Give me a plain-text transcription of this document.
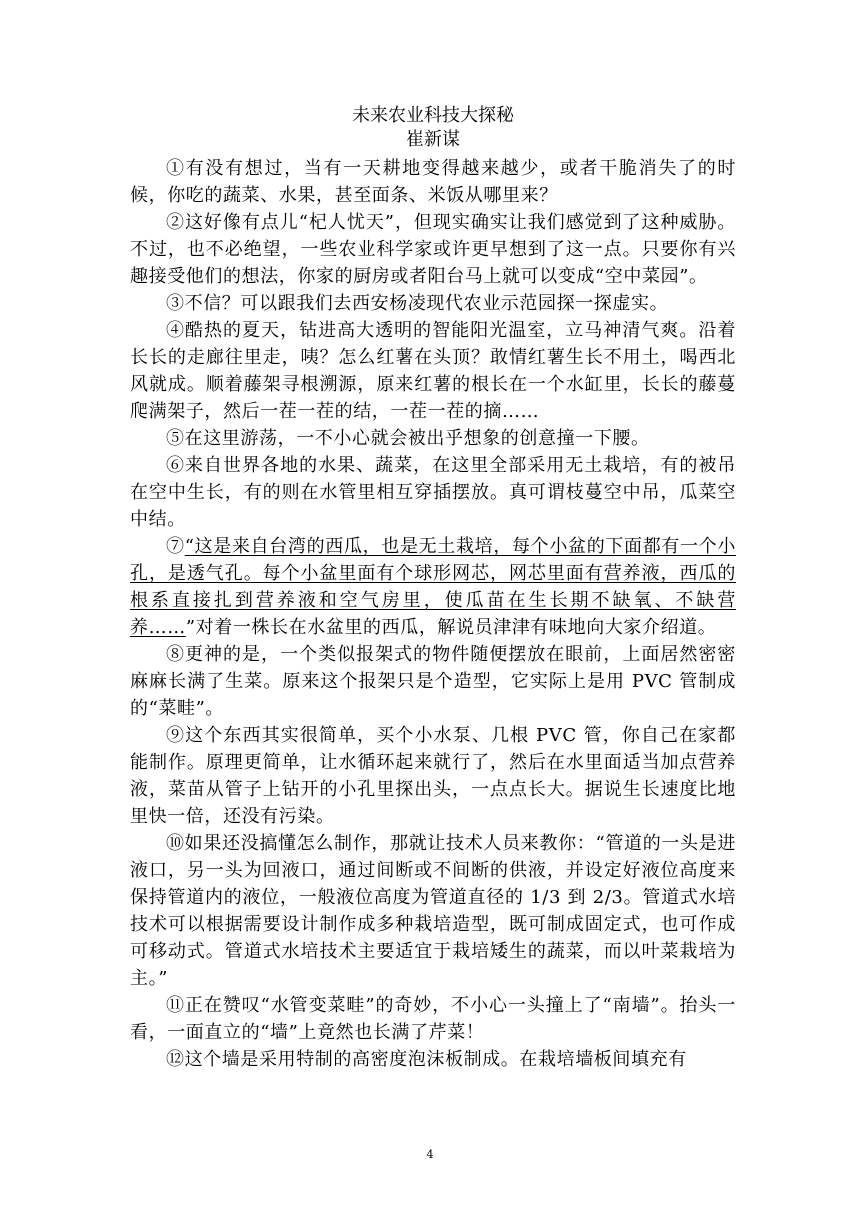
未来农业科技大探秘

崔新谋

①有没有想过，当有一天耕地变得越来越少，或者干脆消失了的时候，你吃的蔬菜、水果，甚至面条、米饭从哪里来？

②这好像有点儿“杞人忧天”，但现实确实让我们感觉到了这种威胁。不过，也不必绝望，一些农业科学家或许更早想到了这一点。只要你有兴趣接受他们的想法，你家的厨房或者阳台马上就可以变成“空中菜园”。

③不信？可以跟我们去西安杨凌现代农业示范园探一探虚实。

④酷热的夏天，钻进高大透明的智能阳光温室，立马神清气爽。沿着长长的走廊往里走，咦？怎么红薯在头顶？敢情红薯生长不用土，喝西北风就成。顺着藤架寻根溯源，原来红薯的根长在一个水缸里，长长的藤蔓爬满架子，然后一茬一茬的结，一茬一茬的摘……

⑤在这里游荡，一不小心就会被出乎想象的创意撞一下腰。

⑥来自世界各地的水果、蔬菜，在这里全部采用无土栽培，有的被吊在空中生长，有的则在水管里相互穿插摆放。真可谓枝蔓空中吊，瓜菜空中结。

⑦“这是来自台湾的西瓜，也是无土栽培，每个小盆的下面都有一个小孔，是透气孔。每个小盆里面有个球形网芯，网芯里面有营养液，西瓜的根系直接扎到营养液和空气房里，使瓜苗在生长期不缺氧、不缺营养……”对着一株长在水盆里的西瓜，解说员津津有味地向大家介绍道。

⑧更神的是，一个类似报架式的物件随便摆放在眼前，上面居然密密麻麻长满了生菜。原来这个报架只是个造型，它实际上是用 PVC 管制成的“菜畦”。

⑨这个东西其实很简单，买个小水泵、几根 PVC 管，你自己在家都能制作。原理更简单，让水循环起来就行了，然后在水里面适当加点营养液，菜苗从管子上钻开的小孔里探出头，一点点长大。据说生长速度比地里快一倍，还没有污染。

⑩如果还没搞懂怎么制作，那就让技术人员来教你：“管道的一头是进液口，另一头为回液口，通过间断或不间断的供液，并设定好液位高度来保持管道内的液位，一般液位高度为管道直径的 1/3 到 2/3。管道式水培技术可以根据需要设计制作成多种栽培造型，既可制成固定式，也可作成可移动式。管道式水培技术主要适宜于栽培矮生的蔬菜，而以叶菜栽培为主。”

⑪正在赞叹“水管变菜畦”的奇妙，不小心一头撞上了“南墙”。抬头一看，一面直立的“墙”上竟然也长满了芹菜！

⑫这个墙是采用特制的高密度泡沫板制成。在栽培墙板间填充有

4
